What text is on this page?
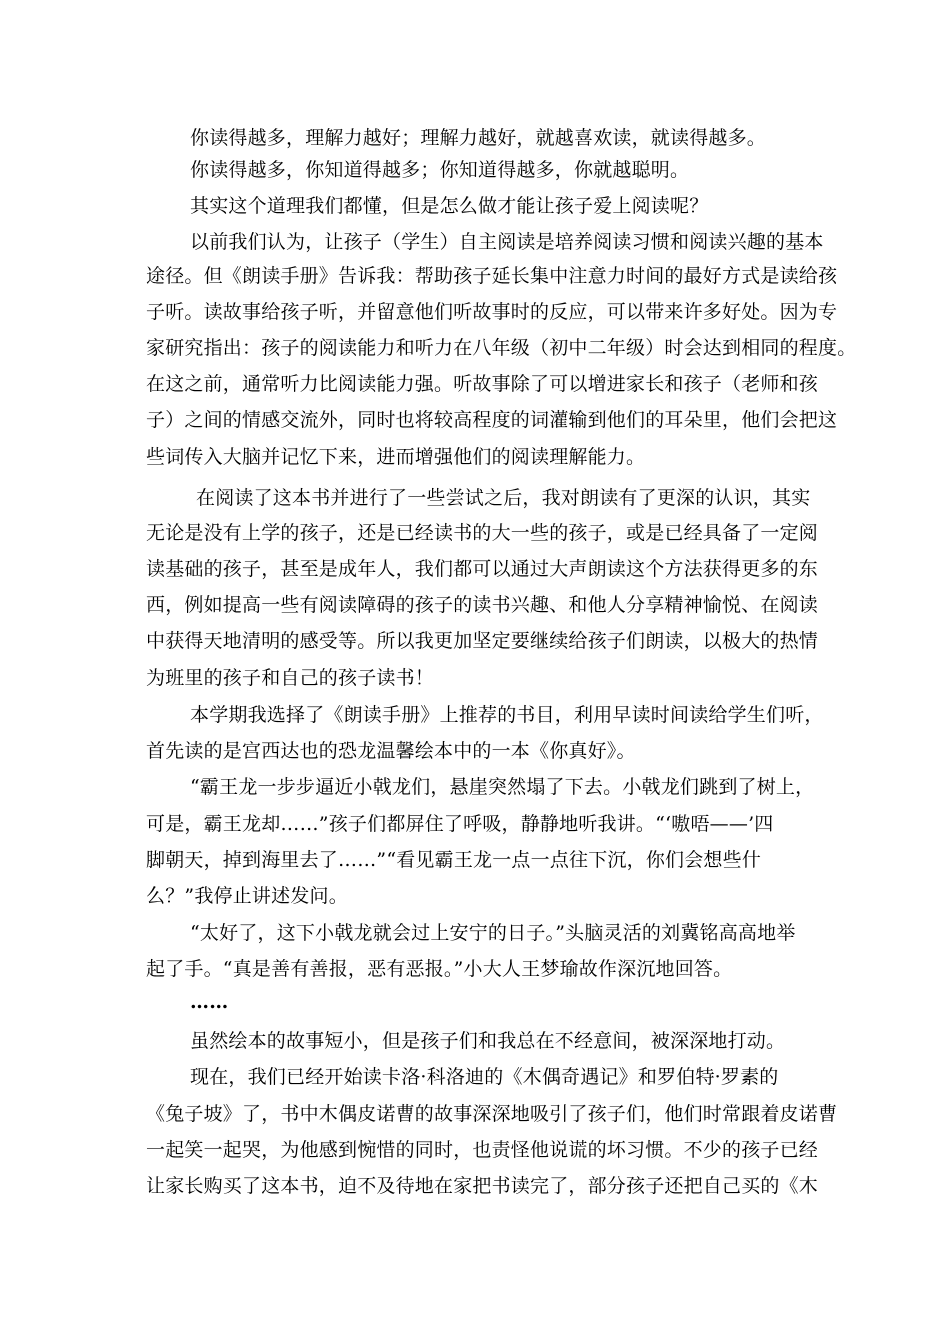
你读得越多，理解力越好；理解力越好，就越喜欢读，就读得越多。
你读得越多，你知道得越多；你知道得越多，你就越聪明。
其实这个道理我们都懂，但是怎么做才能让孩子爱上阅读呢？
以前我们认为，让孩子（学生）自主阅读是培养阅读习惯和阅读兴趣的基本
途径。但《朗读手册》告诉我：帮助孩子延长集中注意力时间的最好方式是读给孩
子听。读故事给孩子听，并留意他们听故事时的反应，可以带来许多好处。因为专
家研究指出：孩子的阅读能力和听力在八年级（初中二年级）时会达到相同的程度。
在这之前，通常听力比阅读能力强。听故事除了可以增进家长和孩子（老师和孩
子）之间的情感交流外，同时也将较高程度的词灌输到他们的耳朵里，他们会把这
些词传入大脑并记忆下来，进而增强他们的阅读理解能力。
在阅读了这本书并进行了一些尝试之后，我对朗读有了更深的认识，其实
无论是没有上学的孩子，还是已经读书的大一些的孩子，或是已经具备了一定阅
读基础的孩子，甚至是成年人，我们都可以通过大声朗读这个方法获得更多的东
西，例如提高一些有阅读障碍的孩子的读书兴趣、和他人分享精神愉悦、在阅读
中获得天地清明的感受等。所以我更加坚定要继续给孩子们朗读，以极大的热情
为班里的孩子和自己的孩子读书！
本学期我选择了《朗读手册》上推荐的书目，利用早读时间读给学生们听，
首先读的是宫西达也的恐龙温馨绘本中的一本《你真好》。
“霸王龙一步步逼近小戟龙们，悬崖突然塌了下去。小戟龙们跳到了树上，
可是，霸王龙却……”孩子们都屏住了呼吸，静静地听我讲。“‘嗷唔——’四
脚朝天，掉到海里去了……”“看见霸王龙一点一点往下沉，你们会想些什
么？”我停止讲述发问。
“太好了，这下小戟龙就会过上安宁的日子。”头脑灵活的刘冀铭高高地举
起了手。“真是善有善报，恶有恶报。”小大人王梦瑜故作深沉地回答。
……
虽然绘本的故事短小，但是孩子们和我总在不经意间，被深深地打动。
现在，我们已经开始读卡洛·科洛迪的《木偶奇遇记》和罗伯特·罗素的
《兔子坡》了，书中木偶皮诺曹的故事深深地吸引了孩子们，他们时常跟着皮诺曹
一起笑一起哭，为他感到惋惜的同时，也责怪他说谎的坏习惯。不少的孩子已经
让家长购买了这本书，迫不及待地在家把书读完了，部分孩子还把自己买的《木
